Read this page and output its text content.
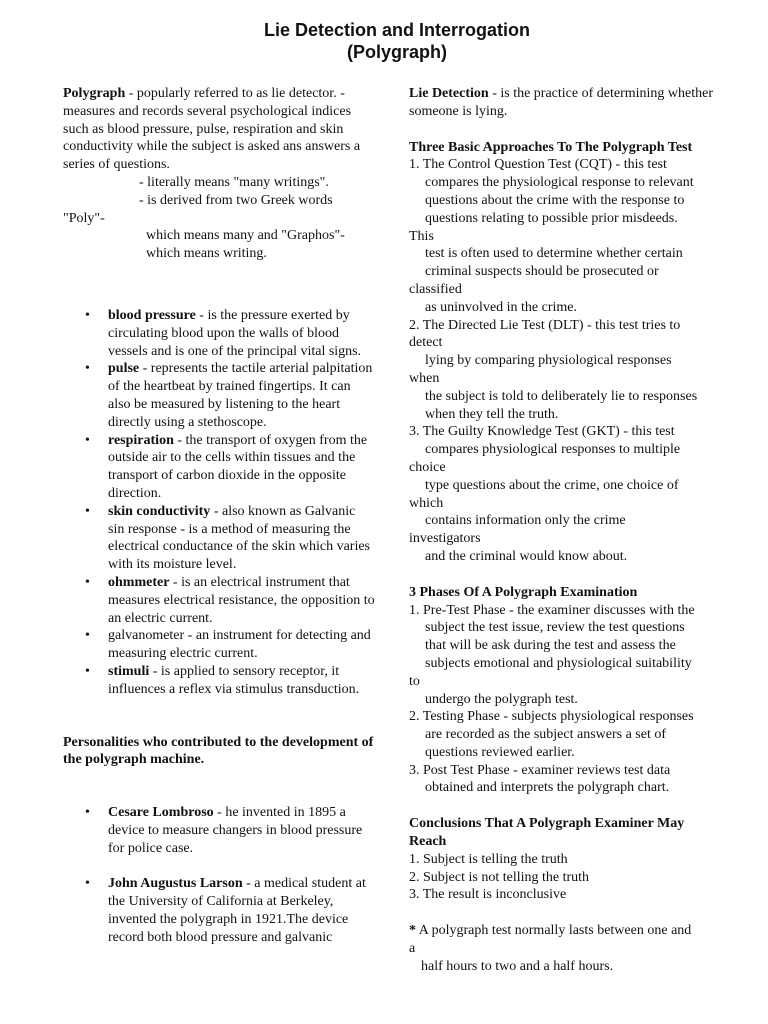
Lie Detection and Interrogation
(Polygraph)

Polygraph - popularly referred to as lie detector. - measures and records several psychological indices such as blood pressure, pulse, respiration and skin conductivity while the subject is asked ans answers a series of questions.

- literally means "many writings".

- is derived from two Greek words

"Poly"-

which means many and "Graphos"-

which means writing.

• blood pressure - is the pressure exerted by circulating blood upon the walls of blood vessels and is one of the principal vital signs.
• pulse - represents the tactile arterial palpitation of the heartbeat by trained fingertips. It can also be measured by listening to the heart directly using a stethoscope.
• respiration - the transport of oxygen from the outside air to the cells within tissues and the transport of carbon dioxide in the opposite direction.
• skin conductivity - also known as Galvanic sin response - is a method of measuring the electrical conductance of the skin which varies with its moisture level.
• ohmmeter - is an electrical instrument that measures electrical resistance, the opposition to an electric current.
• galvanometer - an instrument for detecting and measuring electric current.
• stimuli - is applied to sensory receptor, it influences a reflex via stimulus transduction.

Personalities who contributed to the development of the polygraph machine.

• Cesare Lombroso - he invented in 1895 a device to measure changers in blood pressure for police case.
• John Augustus Larson - a medical student at the University of California at Berkeley, invented the polygraph in 1921.The device record both blood pressure and galvanic

Lie Detection - is the practice of determining whether someone is lying.

Three Basic Approaches To The Polygraph Test

1. The Control Question Test (CQT) - this test

compares the physiological response to relevant

questions about the crime with the response to

questions relating to possible prior misdeeds.

This

test is often used to determine whether certain

criminal suspects should be prosecuted or

classified

as uninvolved in the crime.

2. The Directed Lie Test (DLT) - this test tries to

detect

lying by comparing physiological responses

when

the subject is told to deliberately lie to responses

when they tell the truth.

3. The Guilty Knowledge Test (GKT) - this test

compares physiological responses to multiple

choice

type questions about the crime, one choice of

which

contains information only the crime

investigators

and the criminal would know about.

3 Phases Of A Polygraph Examination

1. Pre-Test Phase - the examiner discusses with the

subject the test issue, review the test questions

that will be ask during the test and assess the

subjects emotional and physiological suitability

to

undergo the polygraph test.

2. Testing Phase - subjects physiological responses

are recorded as the subject answers a set of

questions reviewed earlier.

3. Post Test Phase - examiner reviews test data

obtained and interprets the polygraph chart.

Conclusions That A Polygraph Examiner May Reach

1. Subject is telling the truth

2. Subject is not telling the truth

3. The result is inconclusive

* A polygraph test normally lasts between one and

a

half hours to two and a half hours.
